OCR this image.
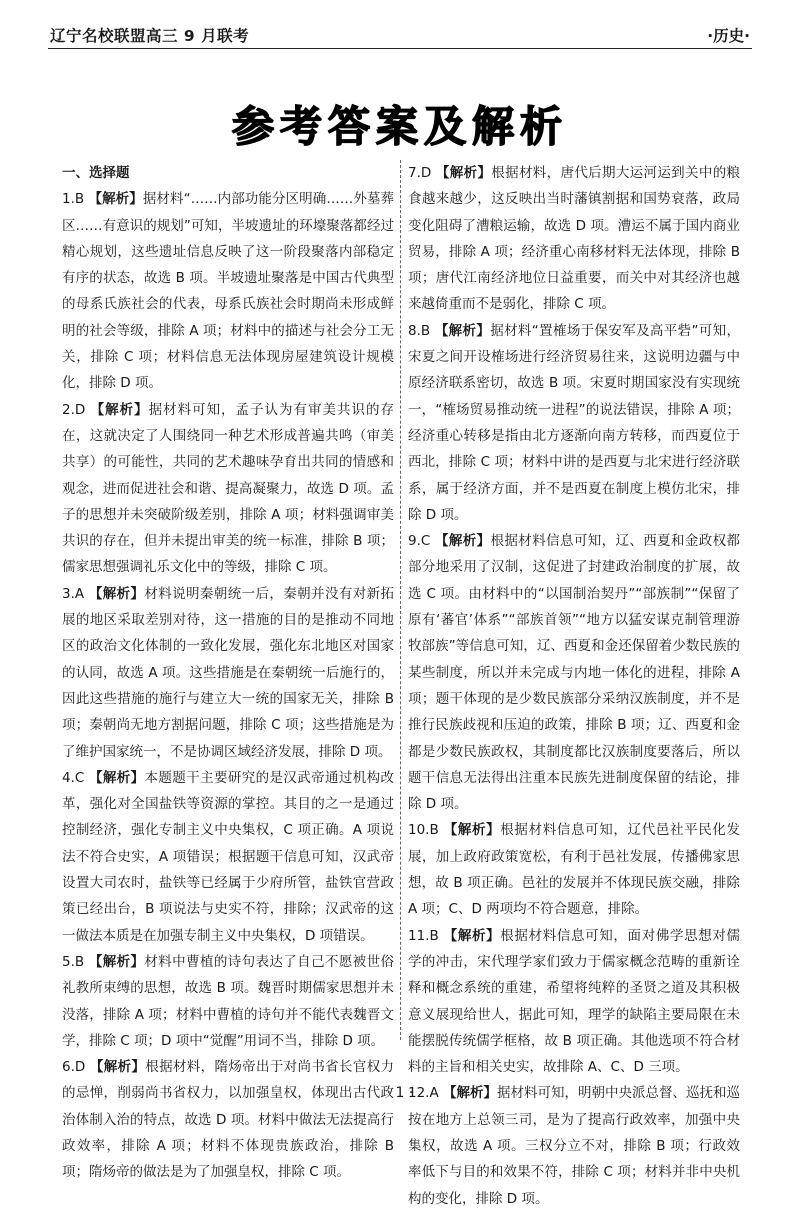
辽宁名校联盟高三 9 月联考	·历史·
参考答案及解析
一、选择题

1.B 【 解析 】 据材料“……内部功能分区明确……外墓葬区……有意识的规划”可知，半坡遗址的环壕聚落都经过精心规划，这些遗址信息反映了这一阶段聚落内部稳定有序的状态，故选 B 项。半坡遗址聚落是中国古代典型的母系氏族社会的代表，母系氏族社会时期尚未形成鲜明的社会等级，排除 A 项；材料中的描述与社会分工无关，排除 C 项；材料信息无法体现房屋建筑设计规模化，排除 D 项。

2.D 【 解析 】 据材料可知，孟子认为有审美共识的存在，这就决定了人围绕同一种艺术形成普遍共鸣（审美共享）的可能性，共同的艺术趣味孕育出共同的情感和观念，进而促进社会和谐、提高凝聚力，故选 D 项。孟子的思想并未突破阶级差别，排除 A 项；材料强调审美共识的存在，但并未提出审美的统一标准，排除 B 项；儒家思想强调礼乐文化中的等级，排除 C 项。

3.A 【 解析 】 材料说明秦朝统一后，秦朝并没有对新拓展的地区采取差别对待，这一措施的目的是推动不同地区的政治文化体制的一致化发展，强化东北地区对国家的认同，故选 A 项。这些措施是在秦朝统一后施行的，因此这些措施的施行与建立大一统的国家无关，排除 B 项；秦朝尚无地方割据问题，排除 C 项；这些措施是为了维护国家统一，不是协调区域经济发展，排除 D 项。

4.C 【 解析 】 本题题干主要研究的是汉武帝通过机构改革，强化对全国盐铁等资源的掌控。其目的之一是通过控制经济，强化专制主义中央集权，C 项正确。A 项说法不符合史实，A 项错误；根据题干信息可知，汉武帝设置大司农时，盐铁等已经属于少府所管，盐铁官营政策已经出台，B 项说法与史实不符，排除；汉武帝的这一做法本质是在加强专制主义中央集权，D 项错误。

5.B 【 解析 】 材料中曹植的诗句表达了自己不愿被世俗礼教所束缚的思想，故选 B 项。魏晋时期儒家思想并未没落，排除 A 项；材料中曹植的诗句并不能代表魏晋文学，排除 C 项；D 项中“觉醒”用词不当，排除 D 项。

6.D 【 解析 】 根据材料，隋炀帝出于对尚书省长官权力的忌惮，削弱尚书省权力，以加强皇权，体现出古代政治体制入治的特点，故选 D 项。材料中做法无法提高行政效率，排除 A 项；材料不体现贵族政治，排除 B 项；隋炀帝的做法是为了加强皇权，排除 C 项。

7.D 【 解析 】 根据材料，唐代后期大运河运到关中的粮食越来越少，这反映出当时藩镇割据和国势衰落，政局变化阻碍了漕粮运输，故选 D 项。漕运不属于国内商业贸易，排除 A 项；经济重心南移材料无法体现，排除 B 项；唐代江南经济地位日益重要，而关中对其经济也越来越倚重而不是弱化，排除 C 项。

8.B 【 解析 】 据材料“置榷场于保安军及高平砦”可知，宋夏之间开设榷场进行经济贸易往来，这说明边疆与中原经济联系密切，故选 B 项。宋夏时期国家没有实现统一，“榷场贸易推动统一进程”的说法错误，排除 A 项；经济重心转移是指由北方逐渐向南方转移，而西夏位于西北，排除 C 项；材料中讲的是西夏与北宋进行经济联系，属于经济方面，并不是西夏在制度上模仿北宋，排除 D 项。

9.C 【 解析 】 根据材料信息可知，辽、西夏和金政权都部分地采用了汉制，这促进了封建政治制度的扩展，故选 C 项。由材料中的“以国制治契丹”“部族制”“保留了原有‘蕃官’体系”“部族首领”“地方以猛安谋克制管理游牧部族”等信息可知，辽、西夏和金还保留着少数民族的某些制度，所以并未完成与内地一体化的进程，排除 A 项；题干体现的是少数民族部分采纳汉族制度，并不是推行民族歧视和压迫的政策，排除 B 项；辽、西夏和金都是少数民族政权，其制度都比汉族制度要落后，所以题干信息无法得出注重本民族先进制度保留的结论，排除 D 项。

10.B 【 解析 】 根据材料信息可知，辽代邑社平民化发展，加上政府政策宽松，有利于邑社发展，传播佛家思想，故 B 项正确。邑社的发展并不体现民族交融，排除 A 项；C、D 两项均不符合题意，排除。

11.B 【 解析 】 根据材料信息可知，面对佛学思想对儒学的冲击，宋代理学家们致力于儒家概念范畴的重新诠释和概念系统的重建，希望将纯粹的圣贤之道及其积极意义展现给世人，据此可知，理学的缺陷主要局限在未能摆脱传统儒学框格，故 B 项正确。其他选项不符合材料的主旨和相关史实，故排除 A、C、D 三项。

12.A 【 解析 】 据材料可知，明朝中央派总督、巡抚和巡按在地方上总领三司，是为了提高行政效率，加强中央集权，故选 A 项。三权分立不对，排除 B 项；行政效率低下与目的和效果不符，排除 C 项；材料并非中央机构的变化，排除 D 项。

· 1 ·
